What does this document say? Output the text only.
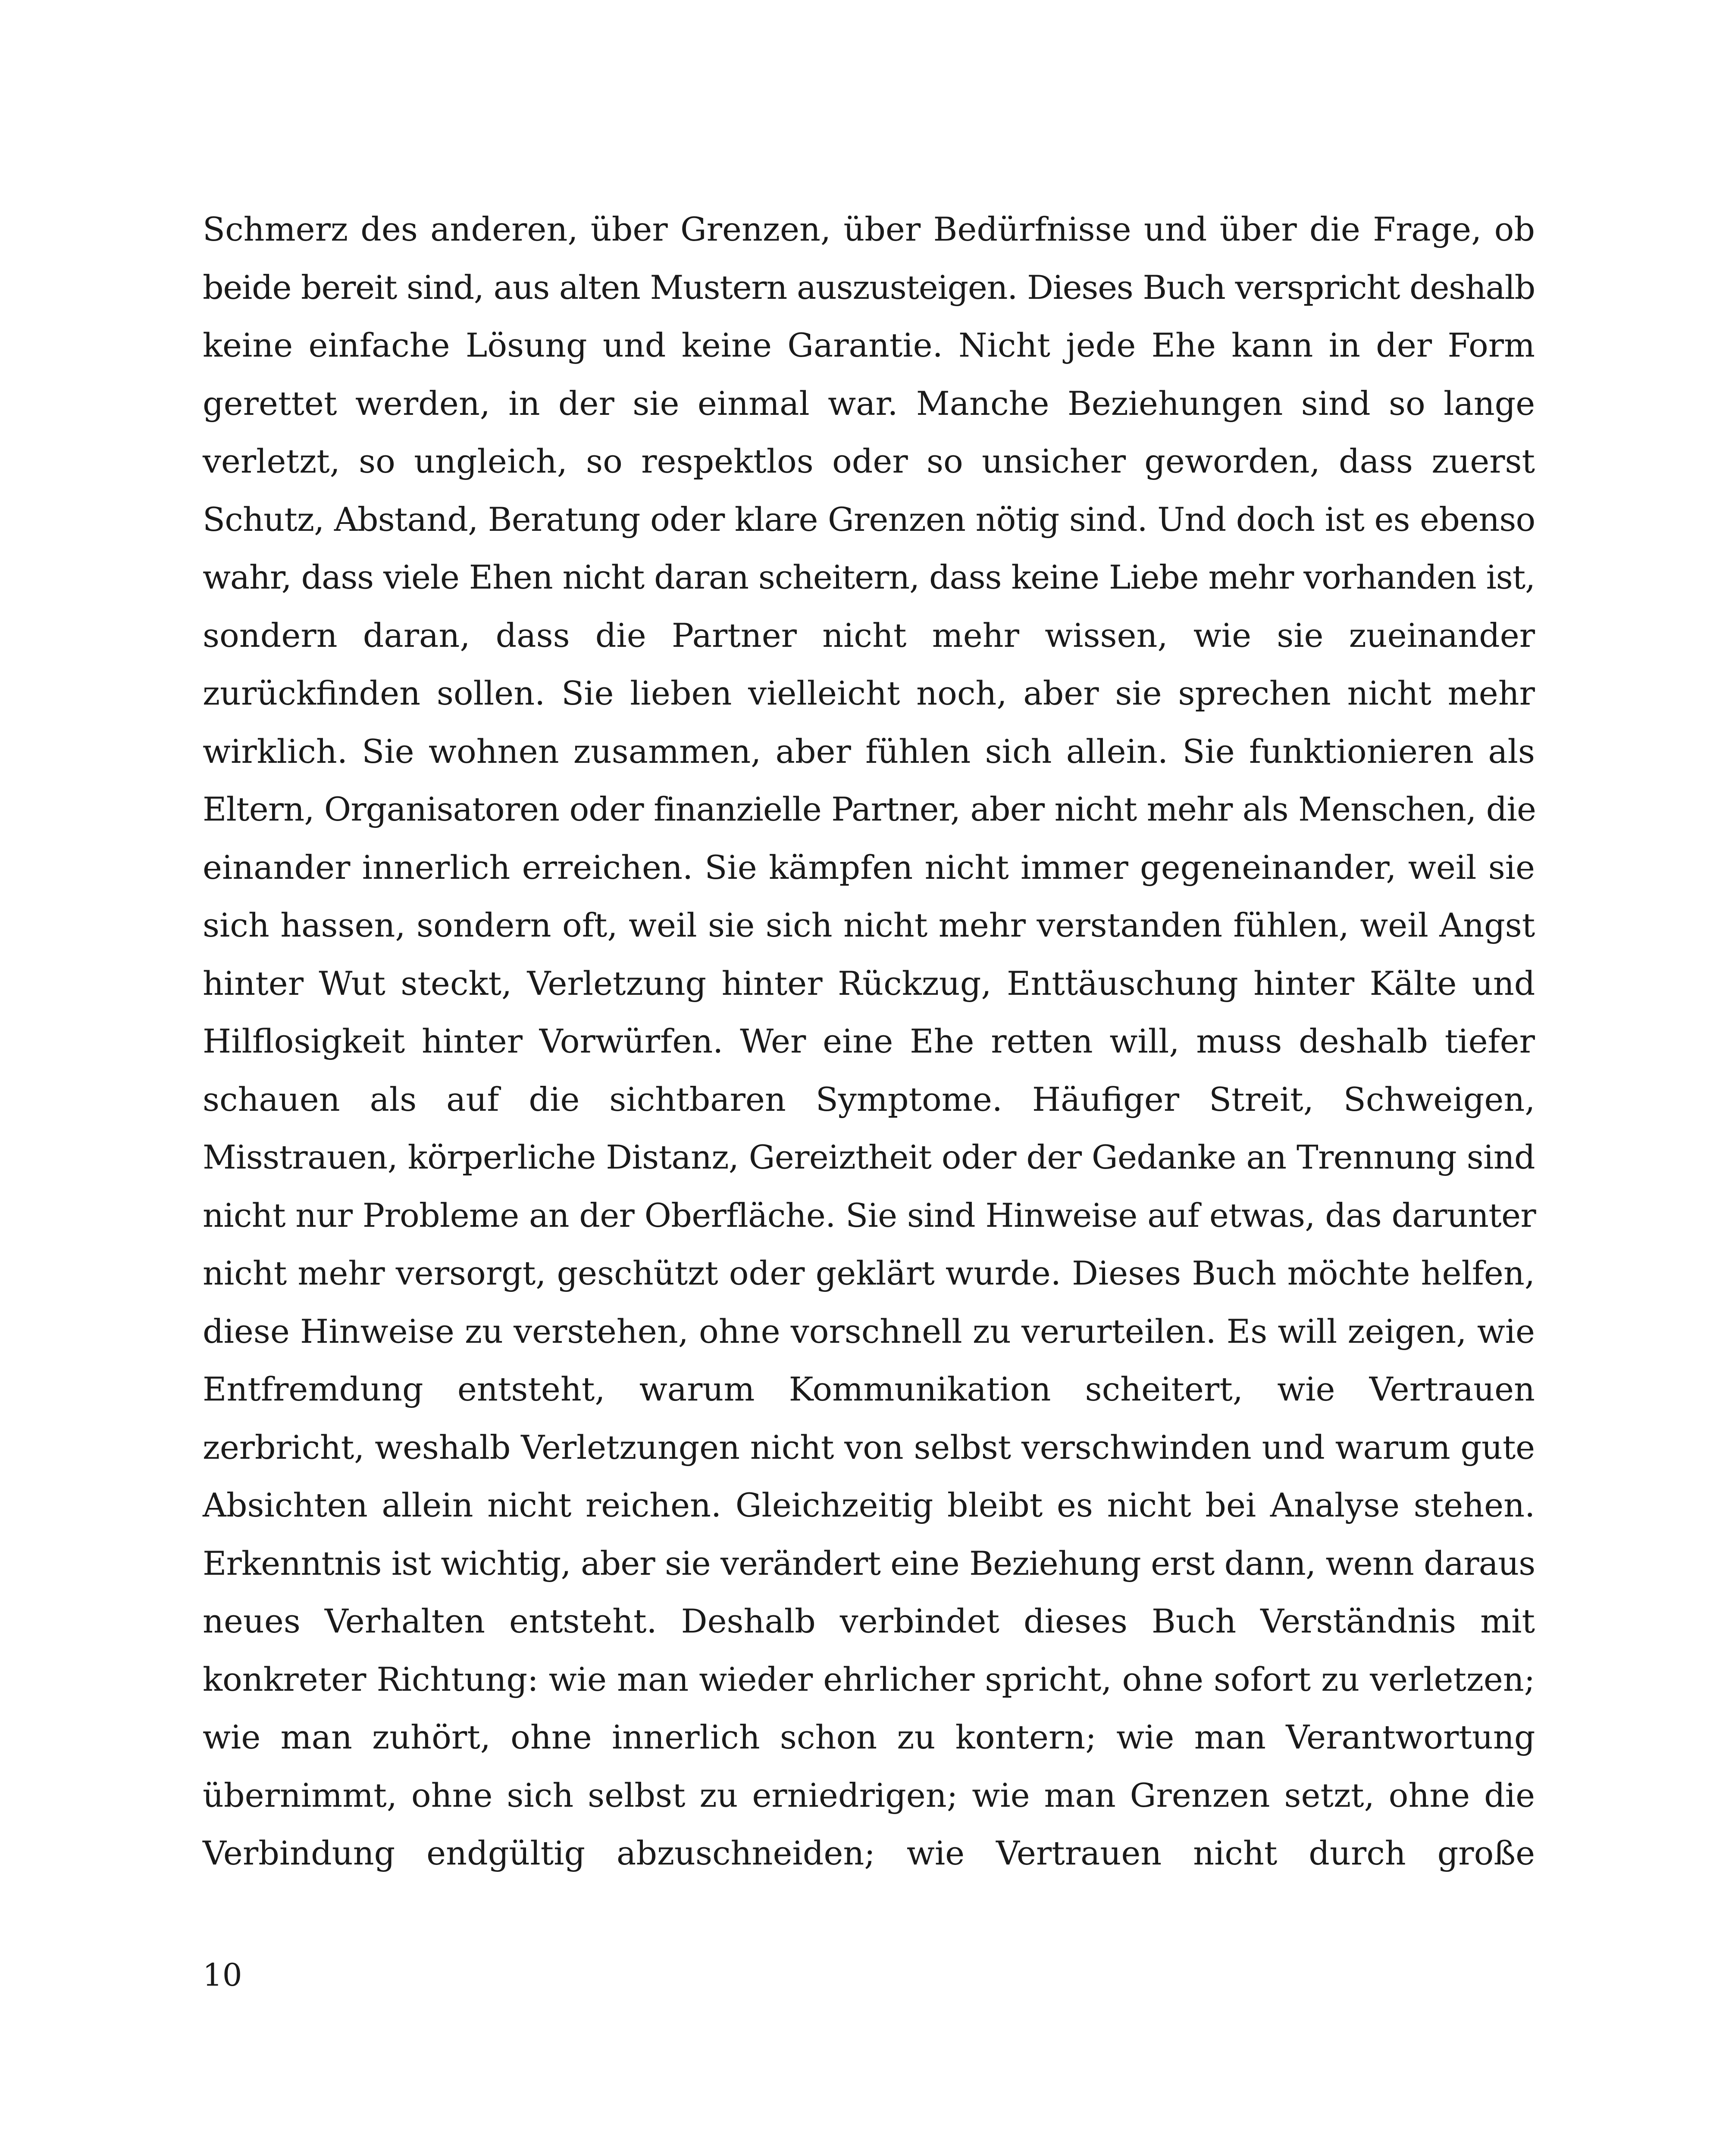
Schmerz des anderen, über Grenzen, über Bedürfnisse und über die Frage, ob
beide bereit sind, aus alten Mustern auszusteigen. Dieses Buch verspricht deshalb
keine einfache Lösung und keine Garantie. Nicht jede Ehe kann in der Form
gerettet werden, in der sie einmal war. Manche Beziehungen sind so lange
verletzt, so ungleich, so respektlos oder so unsicher geworden, dass zuerst
Schutz, Abstand, Beratung oder klare Grenzen nötig sind. Und doch ist es ebenso
wahr, dass viele Ehen nicht daran scheitern, dass keine Liebe mehr vorhanden ist,
sondern daran, dass die Partner nicht mehr wissen, wie sie zueinander
zurückfinden sollen. Sie lieben vielleicht noch, aber sie sprechen nicht mehr
wirklich. Sie wohnen zusammen, aber fühlen sich allein. Sie funktionieren als
Eltern, Organisatoren oder finanzielle Partner, aber nicht mehr als Menschen, die
einander innerlich erreichen. Sie kämpfen nicht immer gegeneinander, weil sie
sich hassen, sondern oft, weil sie sich nicht mehr verstanden fühlen, weil Angst
hinter Wut steckt, Verletzung hinter Rückzug, Enttäuschung hinter Kälte und
Hilflosigkeit hinter Vorwürfen. Wer eine Ehe retten will, muss deshalb tiefer
schauen als auf die sichtbaren Symptome. Häufiger Streit, Schweigen,
Misstrauen, körperliche Distanz, Gereiztheit oder der Gedanke an Trennung sind
nicht nur Probleme an der Oberfläche. Sie sind Hinweise auf etwas, das darunter
nicht mehr versorgt, geschützt oder geklärt wurde. Dieses Buch möchte helfen,
diese Hinweise zu verstehen, ohne vorschnell zu verurteilen. Es will zeigen, wie
Entfremdung entsteht, warum Kommunikation scheitert, wie Vertrauen
zerbricht, weshalb Verletzungen nicht von selbst verschwinden und warum gute
Absichten allein nicht reichen. Gleichzeitig bleibt es nicht bei Analyse stehen.
Erkenntnis ist wichtig, aber sie verändert eine Beziehung erst dann, wenn daraus
neues Verhalten entsteht. Deshalb verbindet dieses Buch Verständnis mit
konkreter Richtung: wie man wieder ehrlicher spricht, ohne sofort zu verletzen;
wie man zuhört, ohne innerlich schon zu kontern; wie man Verantwortung
übernimmt, ohne sich selbst zu erniedrigen; wie man Grenzen setzt, ohne die
Verbindung endgültig abzuschneiden; wie Vertrauen nicht durch große
10
